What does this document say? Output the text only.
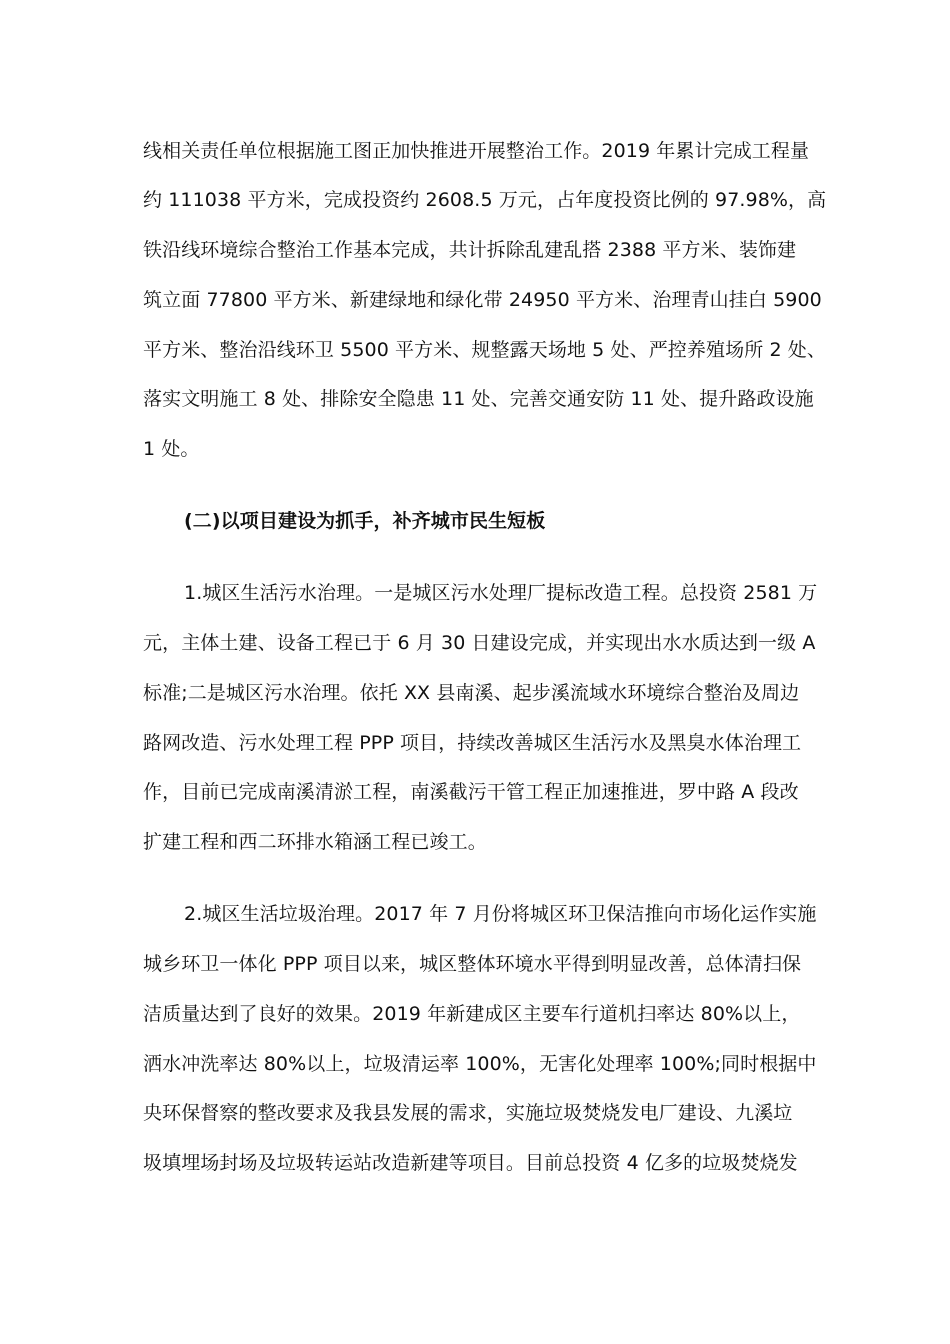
线相关责任单位根据施工图正加快推进开展整治工作。2019 年累计完成工程量
约 111038 平方米，完成投资约 2608.5 万元，占年度投资比例的 97.98%，高
铁沿线环境综合整治工作基本完成，共计拆除乱建乱搭 2388 平方米、装饰建
筑立面 77800 平方米、新建绿地和绿化带 24950 平方米、治理青山挂白 5900
平方米、整治沿线环卫 5500 平方米、规整露天场地 5 处、严控养殖场所 2 处、
落实文明施工 8 处、排除安全隐患 11 处、完善交通安防 11 处、提升路政设施
1 处。
(二)以项目建设为抓手，补齐城市民生短板
1.城区生活污水治理。一是城区污水处理厂提标改造工程。总投资 2581 万
元，主体土建、设备工程已于 6 月 30 日建设完成，并实现出水水质达到一级 A
标准;二是城区污水治理。依托 XX 县南溪、起步溪流域水环境综合整治及周边
路网改造、污水处理工程 PPP 项目，持续改善城区生活污水及黑臭水体治理工
作，目前已完成南溪清淤工程，南溪截污干管工程正加速推进，罗中路 A 段改
扩建工程和西二环排水箱涵工程已竣工。
2.城区生活垃圾治理。2017 年 7 月份将城区环卫保洁推向市场化运作实施
城乡环卫一体化 PPP 项目以来，城区整体环境水平得到明显改善，总体清扫保
洁质量达到了良好的效果。2019 年新建成区主要车行道机扫率达 80%以上，
洒水冲洗率达 80%以上，垃圾清运率 100%，无害化处理率 100%;同时根据中
央环保督察的整改要求及我县发展的需求，实施垃圾焚烧发电厂建设、九溪垃
圾填埋场封场及垃圾转运站改造新建等项目。目前总投资 4 亿多的垃圾焚烧发
